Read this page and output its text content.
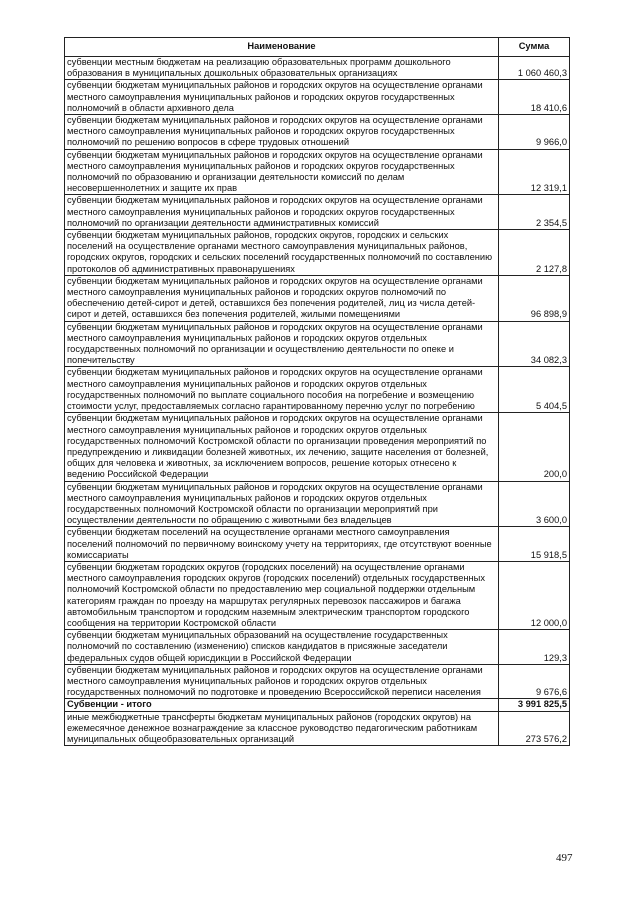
Наименование	Сумма
субвенции местным бюджетам на реализацию образовательных программ дошкольного образования в муниципальных дошкольных образовательных организациях	1 060 460,3
субвенции бюджетам муниципальных районов и городских округов на осуществление органами местного самоуправления муниципальных районов и городских округов государственных полномочий в области архивного дела	18 410,6
субвенции бюджетам муниципальных районов и городских округов на осуществление органами местного самоуправления муниципальных районов и городских округов государственных полномочий по решению вопросов в сфере трудовых отношений	9 966,0
субвенции бюджетам муниципальных районов и городских округов на осуществление органами местного самоуправления муниципальных районов и городских округов государственных полномочий по образованию и организации деятельности комиссий по делам несовершеннолетних и защите их прав	12 319,1
субвенции бюджетам муниципальных районов и городских округов на осуществление органами местного самоуправления муниципальных районов и городских округов государственных полномочий по организации деятельности административных комиссий	2 354,5
субвенции бюджетам муниципальных районов, городских округов, городских и сельских поселений на осуществление органами местного самоуправления муниципальных районов, городских округов, городских и сельских поселений государственных полномочий по составлению протоколов об административных правонарушениях	2 127,8
субвенции бюджетам муниципальных районов и городских округов на осуществление органами местного самоуправления муниципальных районов и городских округов полномочий по обеспечению детей-сирот и детей, оставшихся без попечения родителей, лиц из числа детей-сирот и детей, оставшихся без попечения родителей, жилыми помещениями	96 898,9
субвенции бюджетам муниципальных районов и городских округов на осуществление органами местного самоуправления муниципальных районов и городских округов отдельных государственных полномочий по организации и осуществлению деятельности по опеке и попечительству	34 082,3
субвенции бюджетам муниципальных районов и городских округов на осуществление органами местного самоуправления муниципальных районов и городских округов отдельных государственных полномочий по выплате социального пособия на погребение и возмещению стоимости услуг, предоставляемых согласно гарантированному перечню услуг по погребению	5 404,5
субвенции бюджетам муниципальных районов и городских округов на осуществление органами местного самоуправления муниципальных районов и городских округов отдельных государственных полномочий Костромской области по организации проведения мероприятий по предупреждению и ликвидации болезней животных, их лечению, защите населения от болезней, общих для человека и животных, за исключением вопросов, решение которых отнесено к ведению Российской Федерации	200,0
субвенции бюджетам муниципальных районов и городских округов на осуществление органами местного самоуправления муниципальных районов и городских округов отдельных государственных полномочий Костромской области по организации мероприятий при осуществлении деятельности по обращению с животными без владельцев	3 600,0
субвенции бюджетам поселений на осуществление органами местного самоуправления поселений полномочий по первичному воинскому учету на территориях, где отсутствуют военные комиссариаты	15 918,5
субвенции бюджетам городских округов (городских поселений) на осуществление органами местного самоуправления городских округов (городских поселений) отдельных государственных полномочий Костромской области по предоставлению мер социальной поддержки отдельным категориям граждан по проезду на маршрутах регулярных перевозок пассажиров и багажа автомобильным транспортом и городским наземным электрическим транспортом городского сообщения на территории Костромской области	12 000,0
субвенции бюджетам муниципальных образований на осуществление государственных полномочий по составлению (изменению) списков кандидатов в присяжные заседатели федеральных судов общей юрисдикции в Российской Федерации	129,3
субвенции бюджетам муниципальных районов и городских округов на осуществление органами местного самоуправления муниципальных районов и городских округов отдельных государственных полномочий по подготовке и проведению Всероссийской переписи населения	9 676,6
Субвенции - итого	3 991 825,5
иные межбюджетные трансферты бюджетам муниципальных районов (городских округов) на ежемесячное денежное вознаграждение за классное руководство педагогическим работникам муниципальных общеобразовательных организаций	273 576,2
497
